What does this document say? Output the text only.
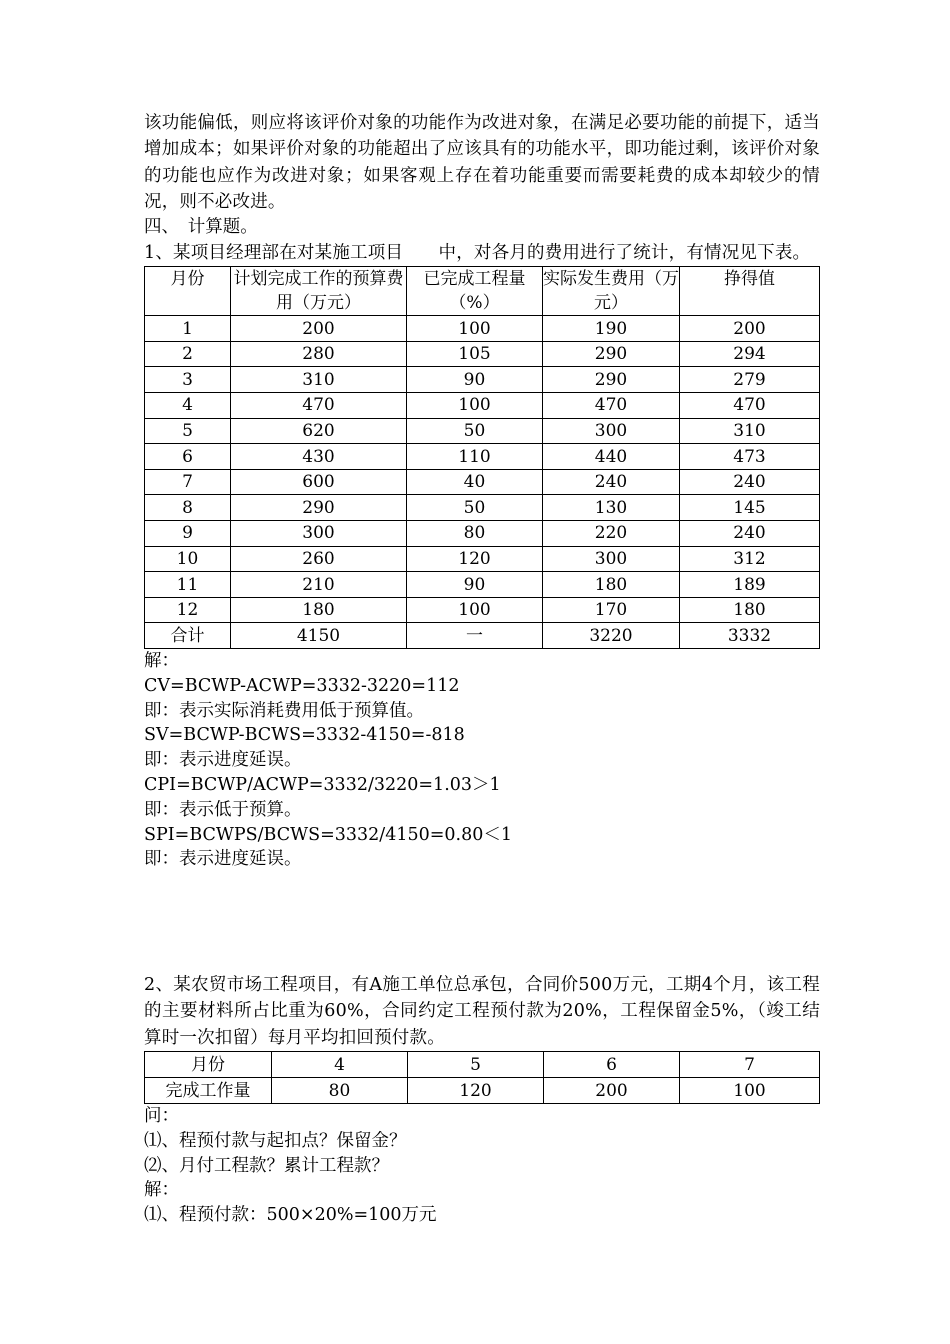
该功能偏低，则应将该评价对象的功能作为改进对象，在满足必要功能的前提下，适当增加成本；如果评价对象的功能超出了应该具有的功能水平，即功能过剩，该评价对象的功能也应作为改进对象；如果客观上存在着功能重要而需要耗费的成本却较少的情况，则不必改进。
四、　计算题。
1、某项目经理部在对某施工项目　　中，对各月的费用进行了统计，有情况见下表。
月份	计划完成工作的预算费用（万元）	已完成工程量（%）	实际发生费用（万元）	挣得值
1	200	100	190	200
2	280	105	290	294
3	310	90	290	279
4	470	100	470	470
5	620	50	300	310
6	430	110	440	473
7	600	40	240	240
8	290	50	130	145
9	300	80	220	240
10	260	120	300	312
11	210	90	180	189
12	180	100	170	180
合计	4150	一	3220	3332
解：
CV=BCWP-ACWP=3332-3220=112
即：表示实际消耗费用低于预算值。
SV=BCWP-BCWS=3332-4150=-818
即：表示进度延误。
CPI=BCWP/ACWP=3332/3220=1.03＞1
即：表示低于预算。
SPI=BCWPS/BCWS=3332/4150=0.80＜1
即：表示进度延误。
2、某农贸市场工程项目，有A施工单位总承包，合同价500万元，工期4个月，该工程的主要材料所占比重为60%，合同约定工程预付款为20%，工程保留金5%，（竣工结算时一次扣留）每月平均扣回预付款。
月份	4	5	6	7
完成工作量	80	120	200	100
问：
⑴、程预付款与起扣点？保留金？
⑵、月付工程款？累计工程款？
解：
⑴、程预付款：500×20%=100万元
